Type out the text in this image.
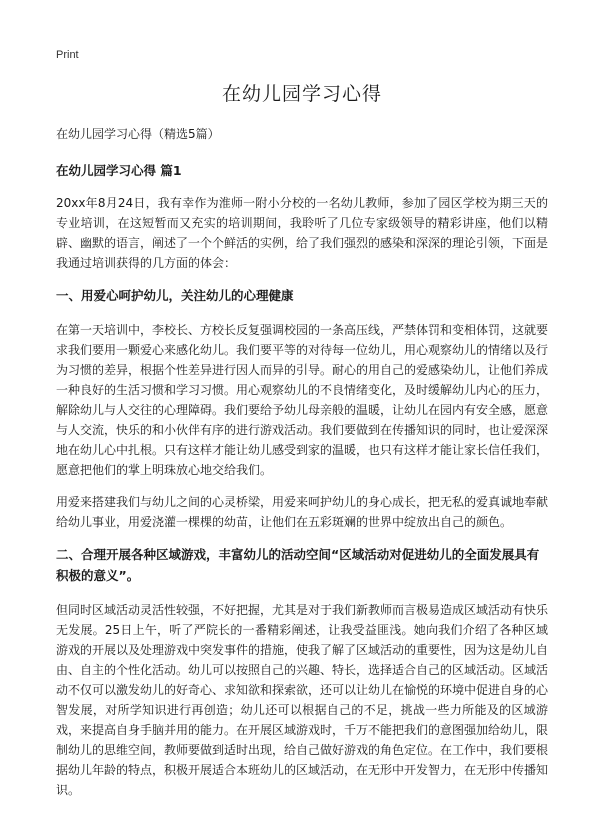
Print
在幼儿园学习心得
在幼儿园学习心得（精选5篇）
在幼儿园学习心得 篇1

20xx年8月24日，我有幸作为淮师一附小分校的一名幼儿教师，参加了园区学校为期三天的专业培训，在这短暂而又充实的培训期间，我聆听了几位专家级领导的精彩讲座，他们以精辟、幽默的语言，阐述了一个个鲜活的实例，给了我们强烈的感染和深深的理论引领，下面是我通过培训获得的几方面的体会：

一、用爱心呵护幼儿，关注幼儿的心理健康

在第一天培训中，李校长、方校长反复强调校园的一条高压线，严禁体罚和变相体罚，这就要求我们要用一颗爱心来感化幼儿。我们要平等的对待每一位幼儿，用心观察幼儿的情绪以及行为习惯的差异，根据个性差异进行因人而异的引导。耐心的用自己的爱感染幼儿，让他们养成一种良好的生活习惯和学习习惯。用心观察幼儿的不良情绪变化，及时缓解幼儿内心的压力，解除幼儿与人交往的心理障碍。我们要给予幼儿母亲般的温暖，让幼儿在园内有安全感，愿意与人交流，快乐的和小伙伴有序的进行游戏活动。我们要做到在传播知识的同时，也让爱深深地在幼儿心中扎根。只有这样才能让幼儿感受到家的温暖，也只有这样才能让家长信任我们，愿意把他们的掌上明珠放心地交给我们。

用爱来搭建我们与幼儿之间的心灵桥梁，用爱来呵护幼儿的身心成长，把无私的爱真诚地奉献给幼儿事业，用爱浇灌一棵棵的幼苗，让他们在五彩斑斓的世界中绽放出自己的颜色。

二、合理开展各种区域游戏，丰富幼儿的活动空间“区域活动对促进幼儿的全面发展具有积极的意义”。

但同时区域活动灵活性较强，不好把握，尤其是对于我们新教师而言极易造成区域活动有快乐无发展。25日上午，听了严院长的一番精彩阐述，让我受益匪浅。她向我们介绍了各种区域游戏的开展以及处理游戏中突发事件的措施，使我了解了区域活动的重要性，因为这是幼儿自由、自主的个性化活动。幼儿可以按照自己的兴趣、特长，选择适合自己的区域活动。区域活动不仅可以激发幼儿的好奇心、求知欲和探索欲，还可以让幼儿在愉悦的环境中促进自身的心智发展，对所学知识进行再创造；幼儿还可以根据自己的不足，挑战一些力所能及的区域游戏，来提高自身手脑并用的能力。在开展区域游戏时，千万不能把我们的意图强加给幼儿，限制幼儿的思维空间，教师要做到适时出现，给自己做好游戏的角色定位。在工作中，我们要根据幼儿年龄的特点，积极开展适合本班幼儿的区域活动，在无形中开发智力，在无形中传播知识。
